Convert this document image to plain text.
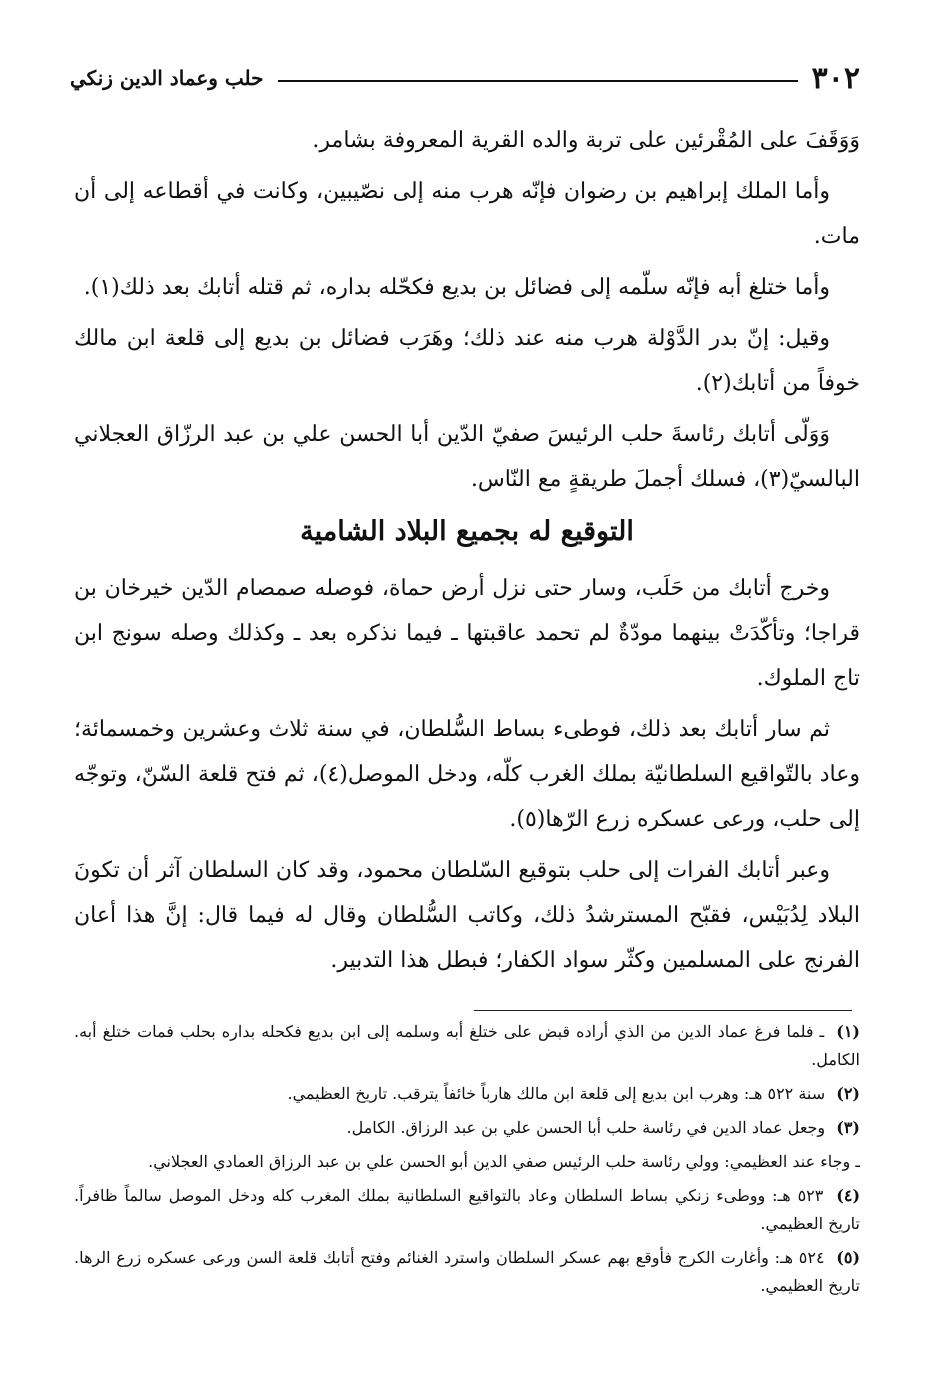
٣٠٢
حلب وعماد الدين زنكي

وَوَقَفَ على المُقْرئين على تربة والده القرية المعروفة بشامر.

وأما الملك إبراهيم بن رضوان فإنّه هرب منه إلى نصّيبين، وكانت في أقطاعه إلى أن مات.

وأما ختلغ أبه فإنّه سلّمه إلى فضائل بن بديع فكحّله بداره، ثم قتله أتابك بعد ذلك(١).

وقيل: إنّ بدر الدَّوْلة هرب منه عند ذلك؛ وهَرَب فضائل بن بديع إلى قلعة ابن مالك خوفاً من أتابك(٢).

وَوَلّى أتابك رئاسةَ حلب الرئيسَ صفيّ الدّين أبا الحسن علي بن عبد الرزّاق العجلاني البالسيّ(٣)، فسلك أجملَ طريقةٍ مع النّاس.

التوقيع له بجميع البلاد الشامية

وخرج أتابك من حَلَب، وسار حتى نزل أرض حماة، فوصله صمصام الدّين خيرخان بن قراجا؛ وتأكّدَتْ بينهما مودّةٌ لم تحمد عاقبتها ـ فيما نذكره بعد ـ وكذلك وصله سونج ابن تاج الملوك.

ثم سار أتابك بعد ذلك، فوطىء بساط السُّلطان، في سنة ثلاث وعشرين وخمسمائة؛ وعاد بالتّواقيع السلطانيّة بملك الغرب كلّه، ودخل الموصل(٤)، ثم فتح قلعة السّنّ، وتوجّه إلى حلب، ورعى عسكره زرع الرّها(٥).

وعبر أتابك الفرات إلى حلب بتوقيع السّلطان محمود، وقد كان السلطان آثر أن تكونَ البلاد لِدُبَيْس، فقبّح المسترشدُ ذلك، وكاتب السُّلطان وقال له فيما قال: إنَّ هذا أعان الفرنج على المسلمين وكثّر سواد الكفار؛ فبطل هذا التدبير.

(١) ـ فلما فرغ عماد الدين من الذي أراده قبض على ختلغ أبه وسلمه إلى ابن بديع فكحله بداره بحلب فمات ختلغ أبه. الكامل.

(٢) سنة ٥٢٢ هـ: وهرب ابن بديع إلى قلعة ابن مالك هارباً خائفاً يترقب. تاريخ العظيمي.

(٣) وجعل عماد الدين في رئاسة حلب أبا الحسن علي بن عبد الرزاق. الكامل.

ـ وجاء عند العظيمي: وولي رئاسة حلب الرئيس صفي الدين أبو الحسن علي بن عبد الرزاق العمادي العجلاني.

(٤) ٥٢٣ هـ: ووطىء زنكي بساط السلطان وعاد بالتواقيع السلطانية بملك المغرب كله ودخل الموصل سالماً ظافراً. تاريخ العظيمي.

(٥) ٥٢٤ هـ: وأغارت الكرج فأوقع بهم عسكر السلطان واسترد الغنائم وفتح أتابك قلعة السن ورعى عسكره زرع الرها. تاريخ العظيمي.
